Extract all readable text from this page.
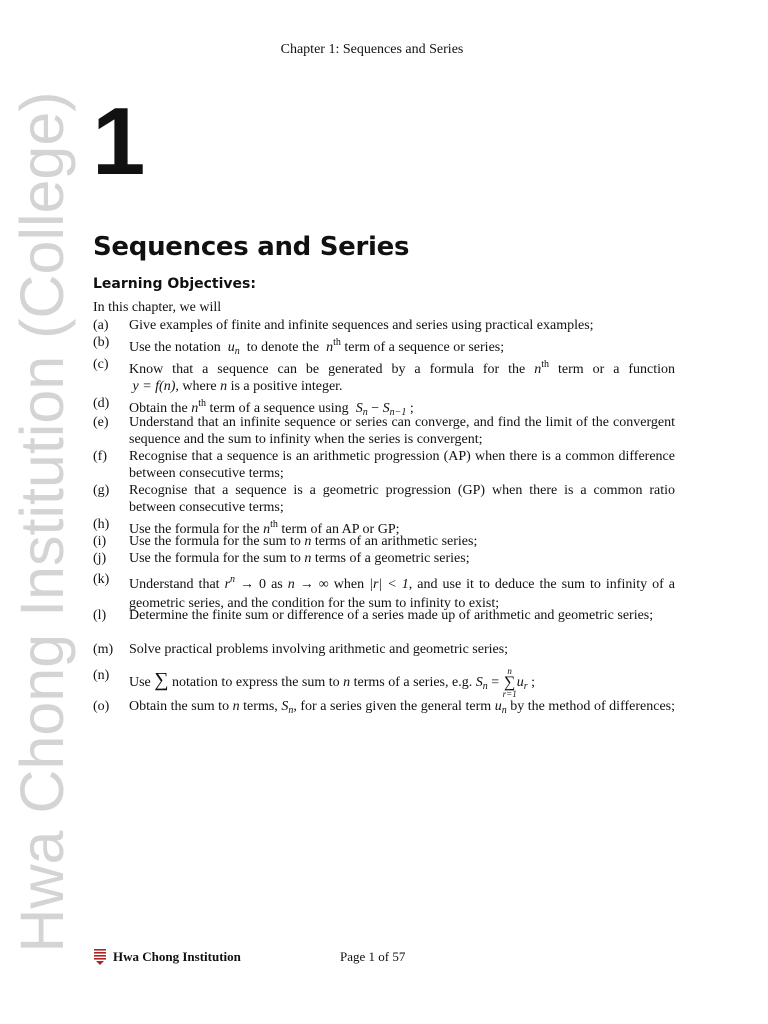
Hwa Chong Institution (College)
Chapter 1: Sequences and Series
1
Sequences and Series
Learning Objectives:
In this chapter, we will
(a) Give examples of finite and infinite sequences and series using practical examples;
(b) Use the notation $u_n$ to denote the $n^{th}$ term of a sequence or series;
(c) Know that a sequence can be generated by a formula for the $n^{th}$ term or a function
y = f(n), where n is a positive integer.
(d) Obtain the $n^{th}$ term of a sequence using $S_n - S_{n-1}$ ;
(e) Understand that an infinite sequence or series can converge, and find the limit of the convergent sequence and the sum to infinity when the series is convergent;
(f) Recognise that a sequence is an arithmetic progression (AP) when there is a common difference between consecutive terms;
(g) Recognise that a sequence is a geometric progression (GP) when there is a common ratio between consecutive terms;
(h) Use the formula for the $n^{th}$ term of an AP or GP;
(i) Use the formula for the sum to n terms of an arithmetic series;
(j) Use the formula for the sum to n terms of a geometric series;
(k) Understand that $r^n \to 0$ as n → ∞ when |r| < 1, and use it to deduce the sum to infinity of a geometric series, and the condition for the sum to infinity to exist;
(l) Determine the finite sum or difference of a series made up of arithmetic and geometric series;
(m) Solve practical problems involving arithmetic and geometric series;
(n) Use ∑ notation to express the sum to n terms of a series, e.g. $S_n$ =
n
∑
r=1
$u_r$ ;
(o) Obtain the sum to n terms, $S_n$, for a series given the general term $u_n$ by the method of differences;
Hwa Chong Institution	Page 1 of 57
